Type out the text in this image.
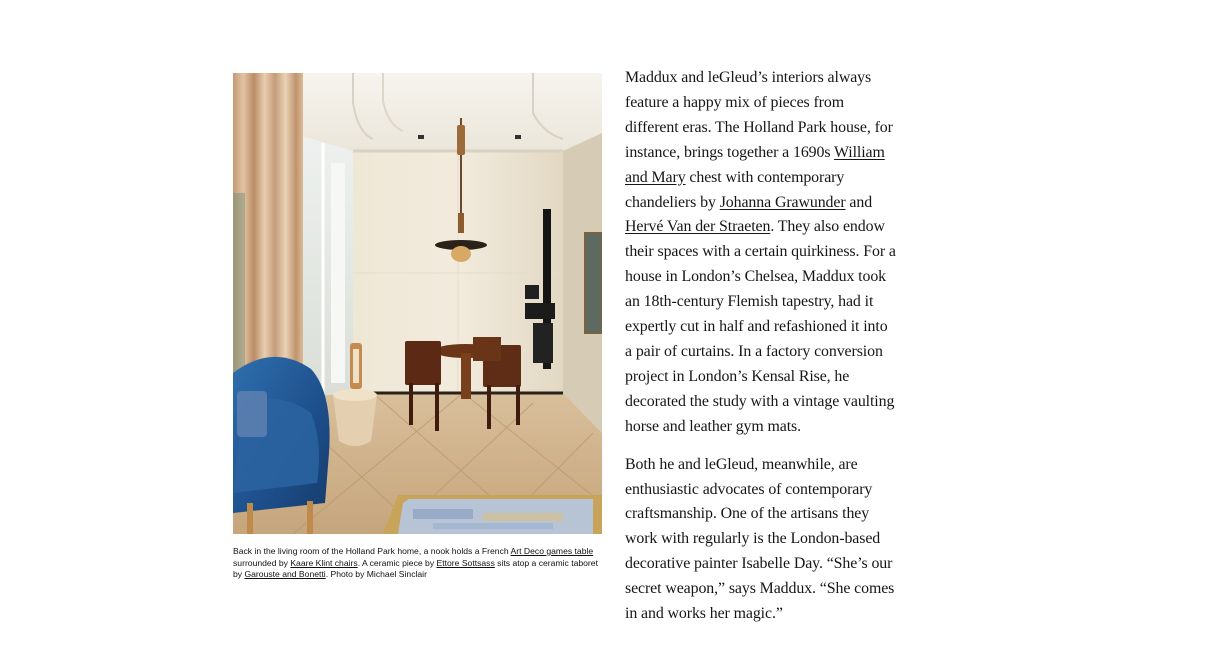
Back in the living room of the Holland Park home, a nook holds a French Art Deco games table surrounded by Kaare Klint chairs. A ceramic piece by Ettore Sottsass sits atop a ceramic taboret by Garouste and Bonetti. Photo by Michael Sinclair

Maddux and leGleud’s interiors always feature a happy mix of pieces from different eras. The Holland Park house, for instance, brings together a 1690s William and Mary chest with contemporary chandeliers by Johanna Grawunder and Hervé Van der Straeten. They also endow their spaces with a certain quirkiness. For a house in London’s Chelsea, Maddux took an 18th-century Flemish tapestry, had it expertly cut in half and refashioned it into a pair of curtains. In a factory conversion project in London’s Kensal Rise, he decorated the study with a vintage vaulting horse and leather gym mats.

Both he and leGleud, meanwhile, are enthusiastic advocates of contemporary craftsmanship. One of the artisans they work with regularly is the London-based decorative painter Isabelle Day. “She’s our secret weapon,” says Maddux. “She comes in and works her magic.”
